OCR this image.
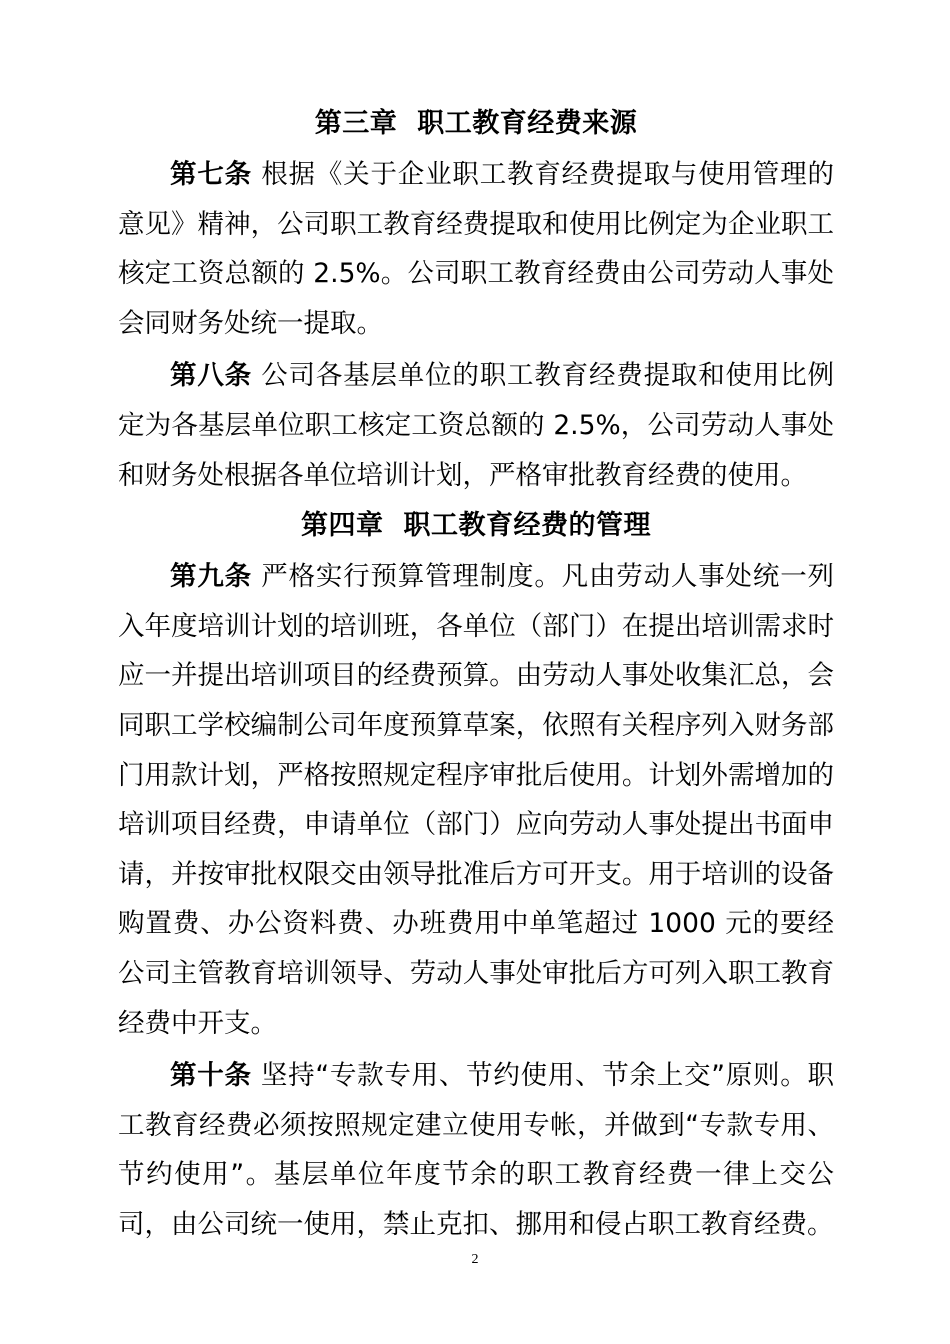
第三章 职工教育经费来源

第七条 根据《关于企业职工教育经费提取与使用管理的意见》精神，公司职工教育经费提取和使用比例定为企业职工核定工资总额的 2.5%。公司职工教育经费由公司劳动人事处会同财务处统一提取。

第八条 公司各基层单位的职工教育经费提取和使用比例定为各基层单位职工核定工资总额的 2.5%，公司劳动人事处和财务处根据各单位培训计划，严格审批教育经费的使用。

第四章 职工教育经费的管理

第九条 严格实行预算管理制度。凡由劳动人事处统一列入年度培训计划的培训班，各单位（部门）在提出培训需求时应一并提出培训项目的经费预算。由劳动人事处收集汇总，会同职工学校编制公司年度预算草案，依照有关程序列入财务部门用款计划，严格按照规定程序审批后使用。计划外需增加的培训项目经费，申请单位（部门）应向劳动人事处提出书面申请，并按审批权限交由领导批准后方可开支。用于培训的设备购置费、办公资料费、办班费用中单笔超过 1000 元的要经公司主管教育培训领导、劳动人事处审批后方可列入职工教育经费中开支。

第十条 坚持“专款专用、节约使用、节余上交”原则。职工教育经费必须按照规定建立使用专帐，并做到“专款专用、节约使用”。基层单位年度节余的职工教育经费一律上交公司，由公司统一使用，禁止克扣、挪用和侵占职工教育经费。

2
